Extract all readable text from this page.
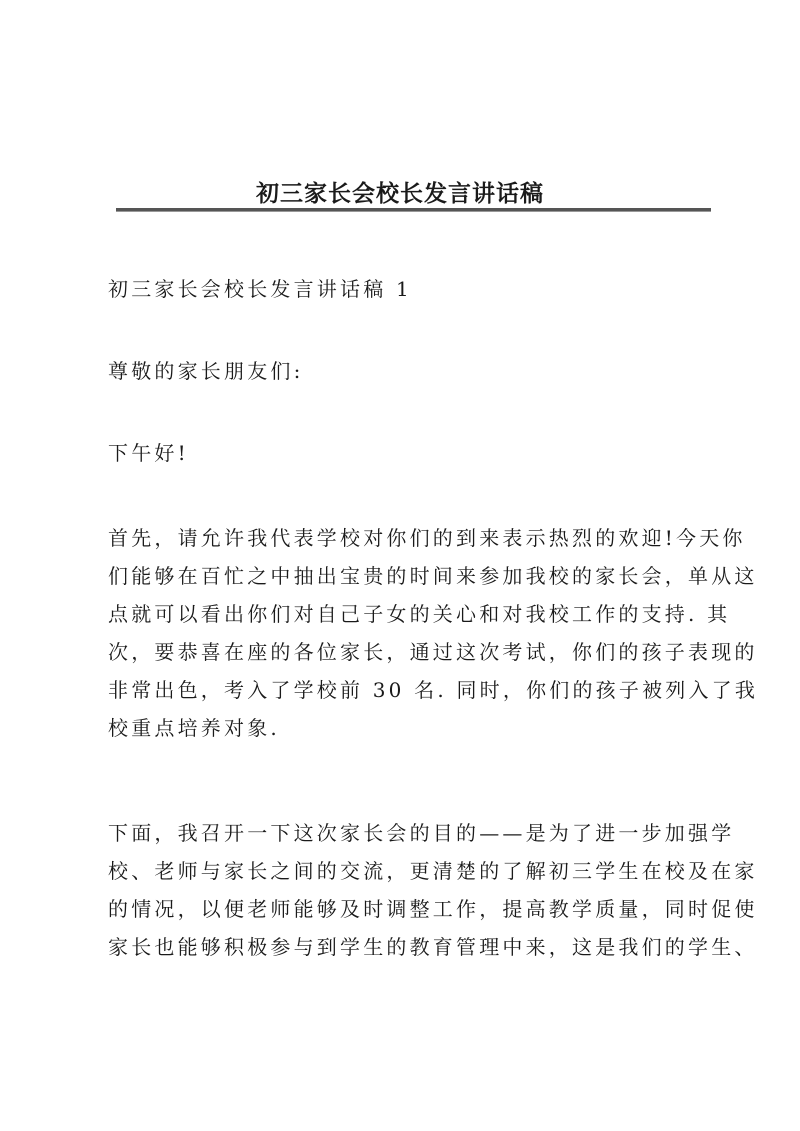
初三家长会校长发言讲话稿

初三家长会校长发言讲话稿 1

尊敬的家长朋友们:

下午好!

首先，请允许我代表学校对你们的到来表示热烈的欢迎!今天你
们能够在百忙之中抽出宝贵的时间来参加我校的家长会，单从这
点就可以看出你们对自己子女的关心和对我校工作的支持. 其
次，要恭喜在座的各位家长，通过这次考试，你们的孩子表现的
非常出色，考入了学校前 30 名. 同时，你们的孩子被列入了我
校重点培养对象.

下面，我召开一下这次家长会的目的——是为了进一步加强学
校、老师与家长之间的交流，更清楚的了解初三学生在校及在家
的情况，以便老师能够及时调整工作，提高教学质量，同时促使
家长也能够积极参与到学生的教育管理中来，这是我们的学生、
